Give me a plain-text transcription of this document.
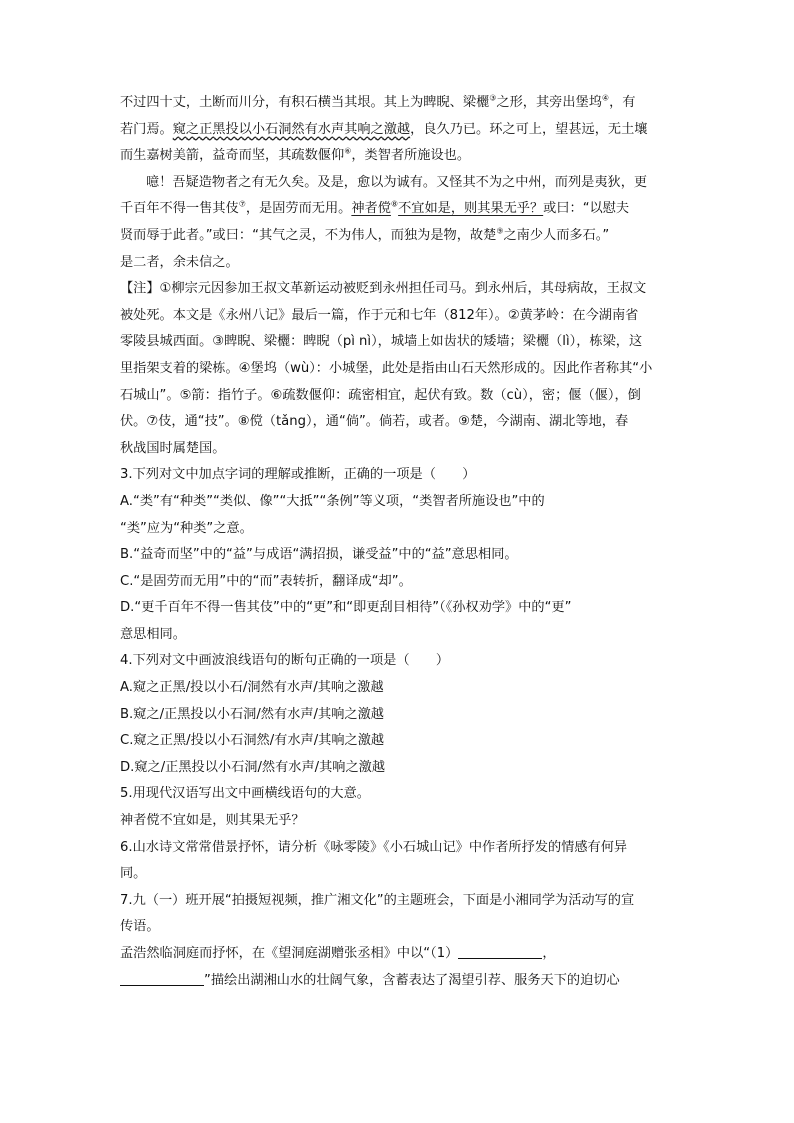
不过四十丈，土断而川分，有积石横当其垠。其上为睥睨、梁欐③之形，其旁出堡坞④，有
若门焉。窥之正黑投以小石洞然有水声其响之激越，良久乃已。环之可上，望甚远，无土壤
而生嘉树美箭，益奇而坚，其疏数偃仰⑥，类智者所施设也。
噫！吾疑造物者之有无久矣。及是，愈以为诚有。又怪其不为之中州，而列是夷狄，更
千百年不得一售其伎⑦，是固劳而无用。神者傥⑧不宜如是，则其果无乎？或曰：“以慰夫
贤而辱于此者。”或曰：“其气之灵，不为伟人，而独为是物，故楚⑨之南少人而多石。”
是二者，余未信之。
【注】①柳宗元因参加王叔文革新运动被贬到永州担任司马。到永州后，其母病故，王叔文
被处死。本文是《永州八记》最后一篇，作于元和七年（812年）。②黄茅岭：在今湖南省
零陵县城西面。③睥睨、梁欐：睥睨（pì nì），城墙上如齿状的矮墙；梁欐（lì），栋梁，这
里指架支着的梁栋。④堡坞（wù）：小城堡，此处是指由山石天然形成的。因此作者称其“小
石城山”。⑤箭：指竹子。⑥疏数偃仰：疏密相宜，起伏有致。数（cù），密；偃（偃），倒
伏。⑦伎，通“技”。⑧傥（tǎng），通“倘”。倘若，或者。⑨楚，今湖南、湖北等地，春
秋战国时属楚国。
3.下列对文中加点字词的理解或推断，正确的一项是（　　）
A.“类”有“种类”“类似、像”“大抵”“条例”等义项，“类智者所施设也”中的
“类”应为“种类”之意。
B.“益奇而坚”中的“益”与成语“满招损，谦受益”中的“益”意思相同。
C.“是固劳而无用”中的“而”表转折，翻译成“却”。
D.“更千百年不得一售其伎”中的“更”和“即更刮目相待”（《孙权劝学》中的“更”
意思相同。
4.下列对文中画波浪线语句的断句正确的一项是（　　）
A.窥之正黑/投以小石/洞然有水声/其响之激越
B.窥之/正黑投以小石洞/然有水声/其响之激越
C.窥之正黑/投以小石洞然/有水声/其响之激越
D.窥之/正黑投以小石洞/然有水声/其响之激越
5.用现代汉语写出文中画横线语句的大意。
神者傥不宜如是，则其果无乎？
6.山水诗文常常借景抒怀，请分析《咏零陵》《小石城山记》中作者所抒发的情感有何异
同。
7.九（一）班开展“拍摄短视频，推广湘文化”的主题班会，下面是小湘同学为活动写的宣
传语。
孟浩然临洞庭而抒怀，在《望洞庭湖赠张丞相》中以“（1）	，
”描绘出湖湘山水的壮阔气象，含蓄表达了渴望引荐、服务天下的迫切心
